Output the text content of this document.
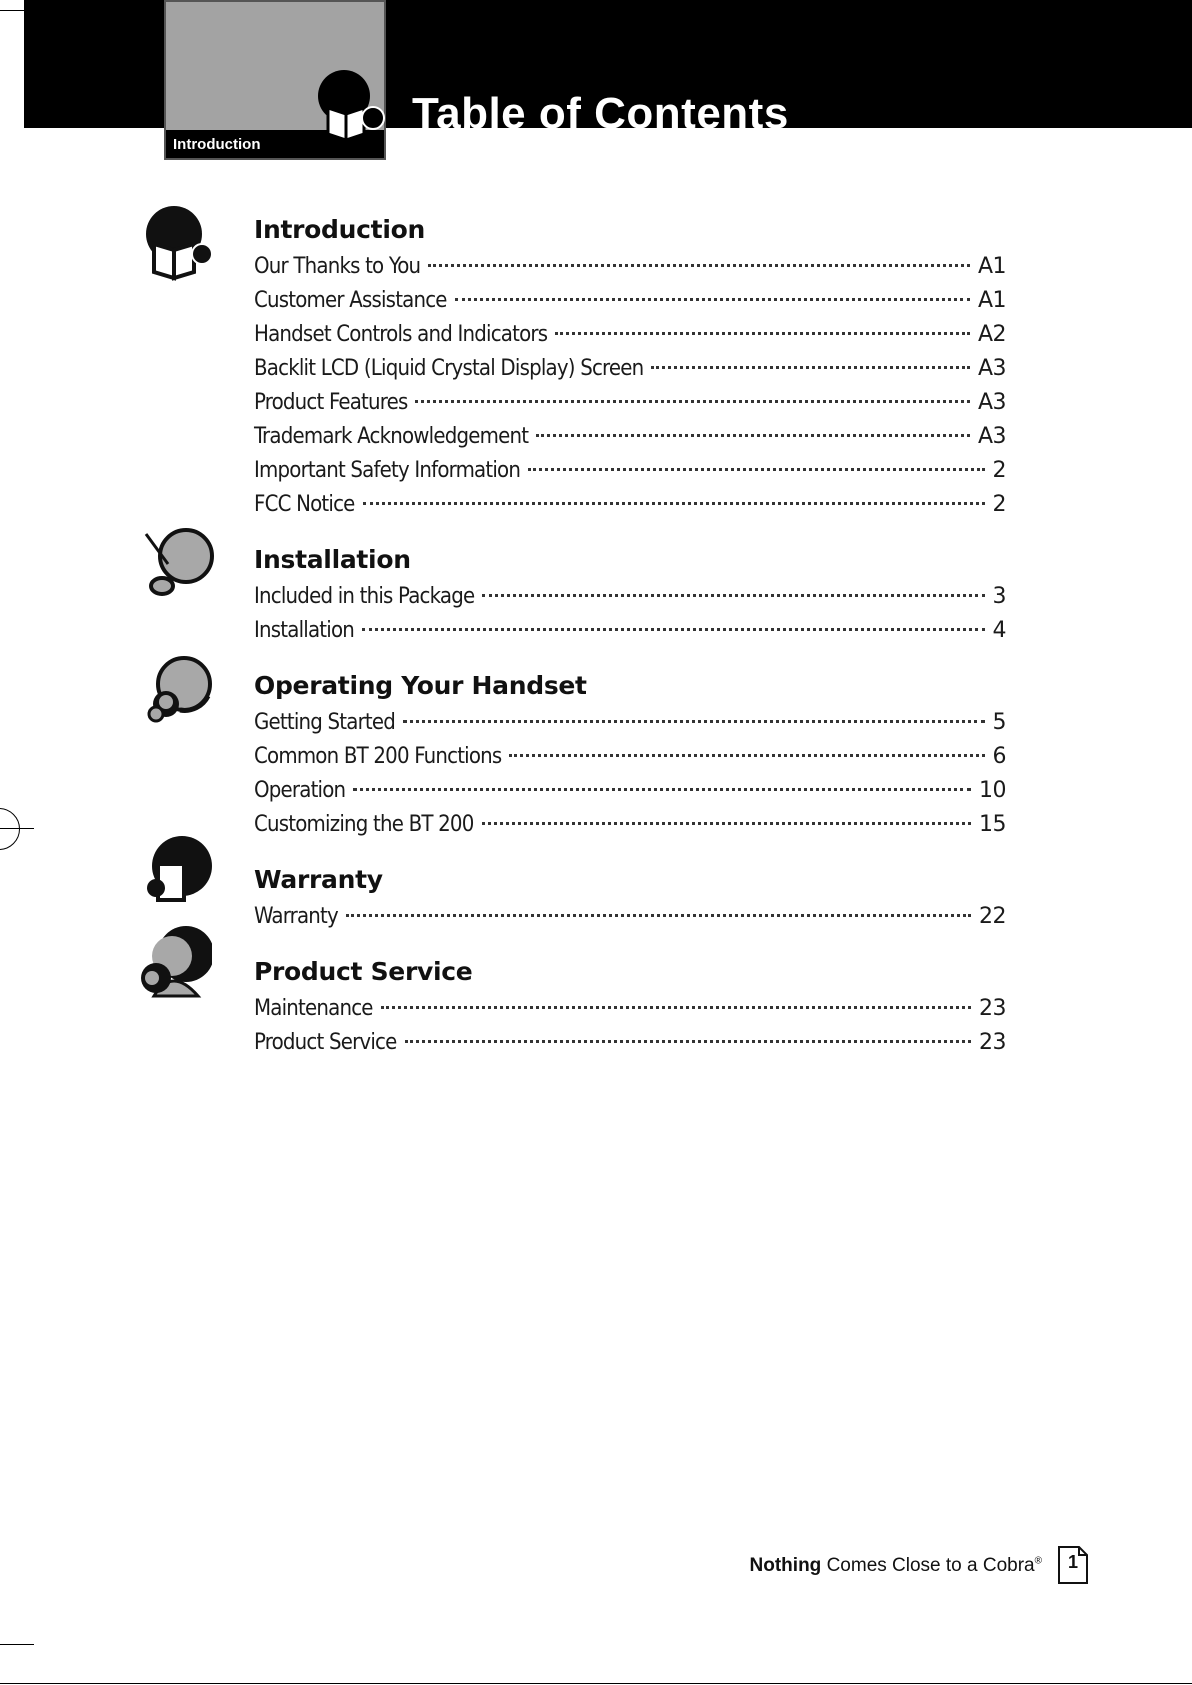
Introduction
Table of Contents
Introduction
Our Thanks to You	A1
Customer Assistance	A1
Handset Controls and Indicators	A2
Backlit LCD (Liquid Crystal Display) Screen	A3
Product Features	A3
Trademark Acknowledgement	A3
Important Safety Information	2
FCC Notice	2
Installation
Included in this Package	3
Installation	4
Operating Your Handset
Getting Started	5
Common BT 200 Functions	6
Operation	10
Customizing the BT 200	15
Warranty
Warranty	22
Product Service
Maintenance	23
Product Service	23
Nothing Comes Close to a Cobra®	1
